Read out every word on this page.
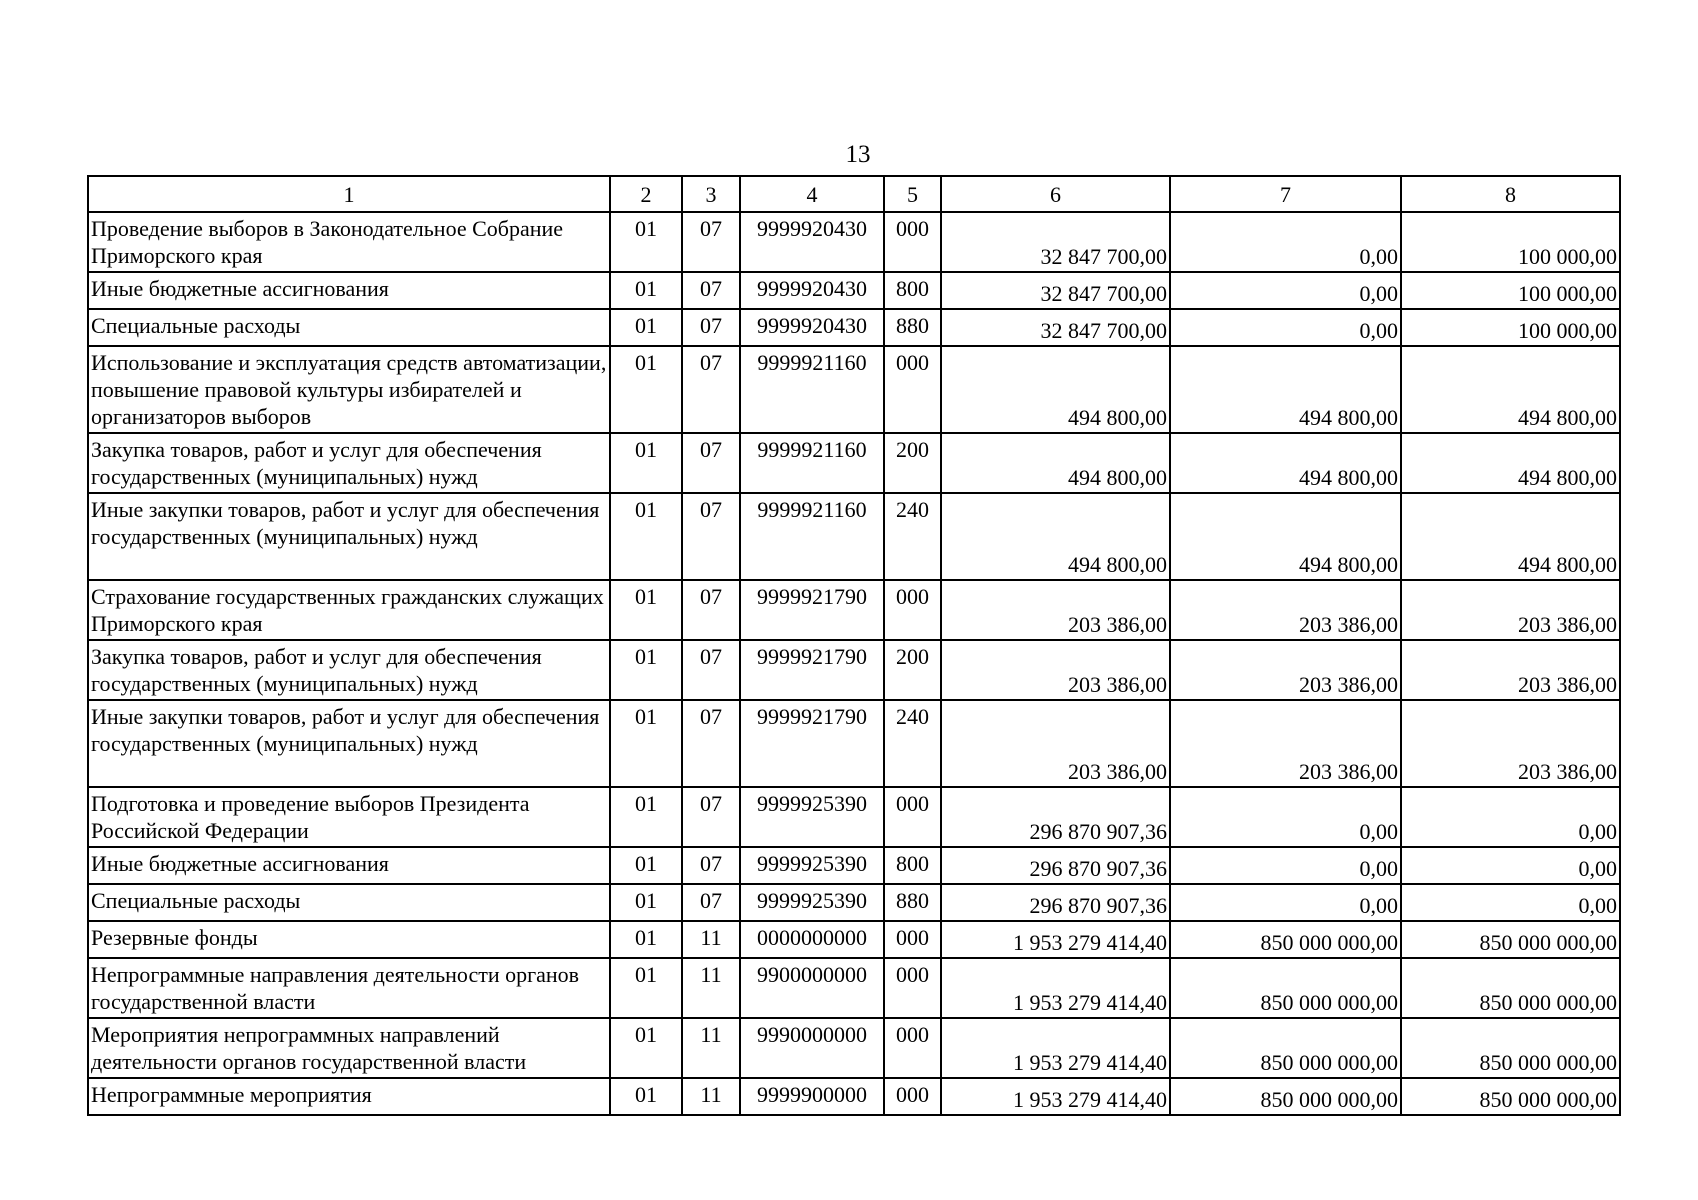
13
1	2	3	4	5	6	7	8
Проведение выборов в Законодательное Собрание Приморского края	01	07	9999920430	000	32 847 700,00	0,00	100 000,00
Иные бюджетные ассигнования	01	07	9999920430	800	32 847 700,00	0,00	100 000,00
Специальные расходы	01	07	9999920430	880	32 847 700,00	0,00	100 000,00
Использование и эксплуатация средств автоматизации, повышение правовой культуры избирателей и организаторов выборов	01	07	9999921160	000	494 800,00	494 800,00	494 800,00
Закупка товаров, работ и услуг для обеспечения государственных (муниципальных) нужд	01	07	9999921160	200	494 800,00	494 800,00	494 800,00
Иные закупки товаров, работ и услуг для обеспечения государственных (муниципальных) нужд	01	07	9999921160	240	494 800,00	494 800,00	494 800,00
Страхование государственных гражданских служащих Приморского края	01	07	9999921790	000	203 386,00	203 386,00	203 386,00
Закупка товаров, работ и услуг для обеспечения государственных (муниципальных) нужд	01	07	9999921790	200	203 386,00	203 386,00	203 386,00
Иные закупки товаров, работ и услуг для обеспечения государственных (муниципальных) нужд	01	07	9999921790	240	203 386,00	203 386,00	203 386,00
Подготовка и проведение выборов Президента Российской Федерации	01	07	9999925390	000	296 870 907,36	0,00	0,00
Иные бюджетные ассигнования	01	07	9999925390	800	296 870 907,36	0,00	0,00
Специальные расходы	01	07	9999925390	880	296 870 907,36	0,00	0,00
Резервные фонды	01	11	0000000000	000	1 953 279 414,40	850 000 000,00	850 000 000,00
Непрограммные направления деятельности органов государственной власти	01	11	9900000000	000	1 953 279 414,40	850 000 000,00	850 000 000,00
Мероприятия непрограммных направлений деятельности органов государственной власти	01	11	9990000000	000	1 953 279 414,40	850 000 000,00	850 000 000,00
Непрограммные мероприятия	01	11	9999900000	000	1 953 279 414,40	850 000 000,00	850 000 000,00
